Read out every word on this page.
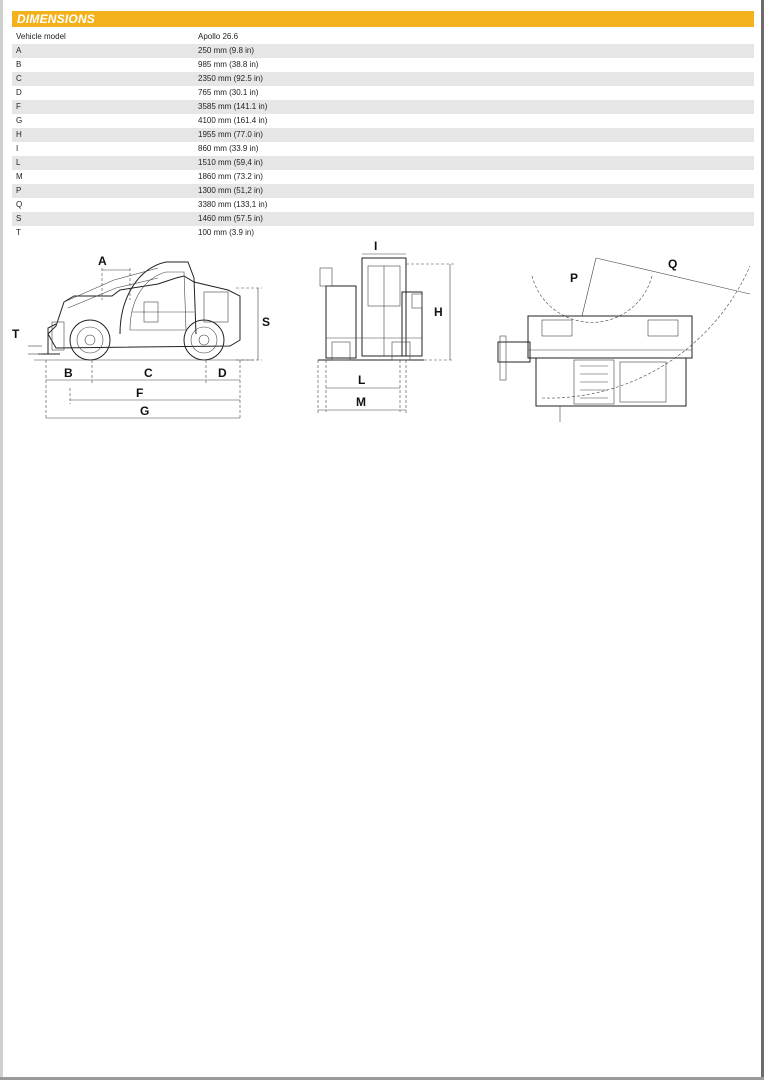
DIMENSIONS
Vehicle model	Apollo 26.6
A	250 mm (9.8 in)
B	985 mm (38.8 in)
C	2350 mm (92.5 in)
D	765 mm (30.1 in)
F	3585 mm (141.1 in)
G	4100 mm (161.4 in)
H	1955 mm (77.0 in)
I	860 mm (33.9 in)
L	1510 mm (59,4 in)
M	1860 mm (73.2 in)
P	1300 mm (51,2 in)
Q	3380 mm (133,1 in)
S	1460 mm (57.5 in)
T	100 mm (3.9 in)
A
S
T
B	C	D
F
G
I
H
L
M
P
Q
